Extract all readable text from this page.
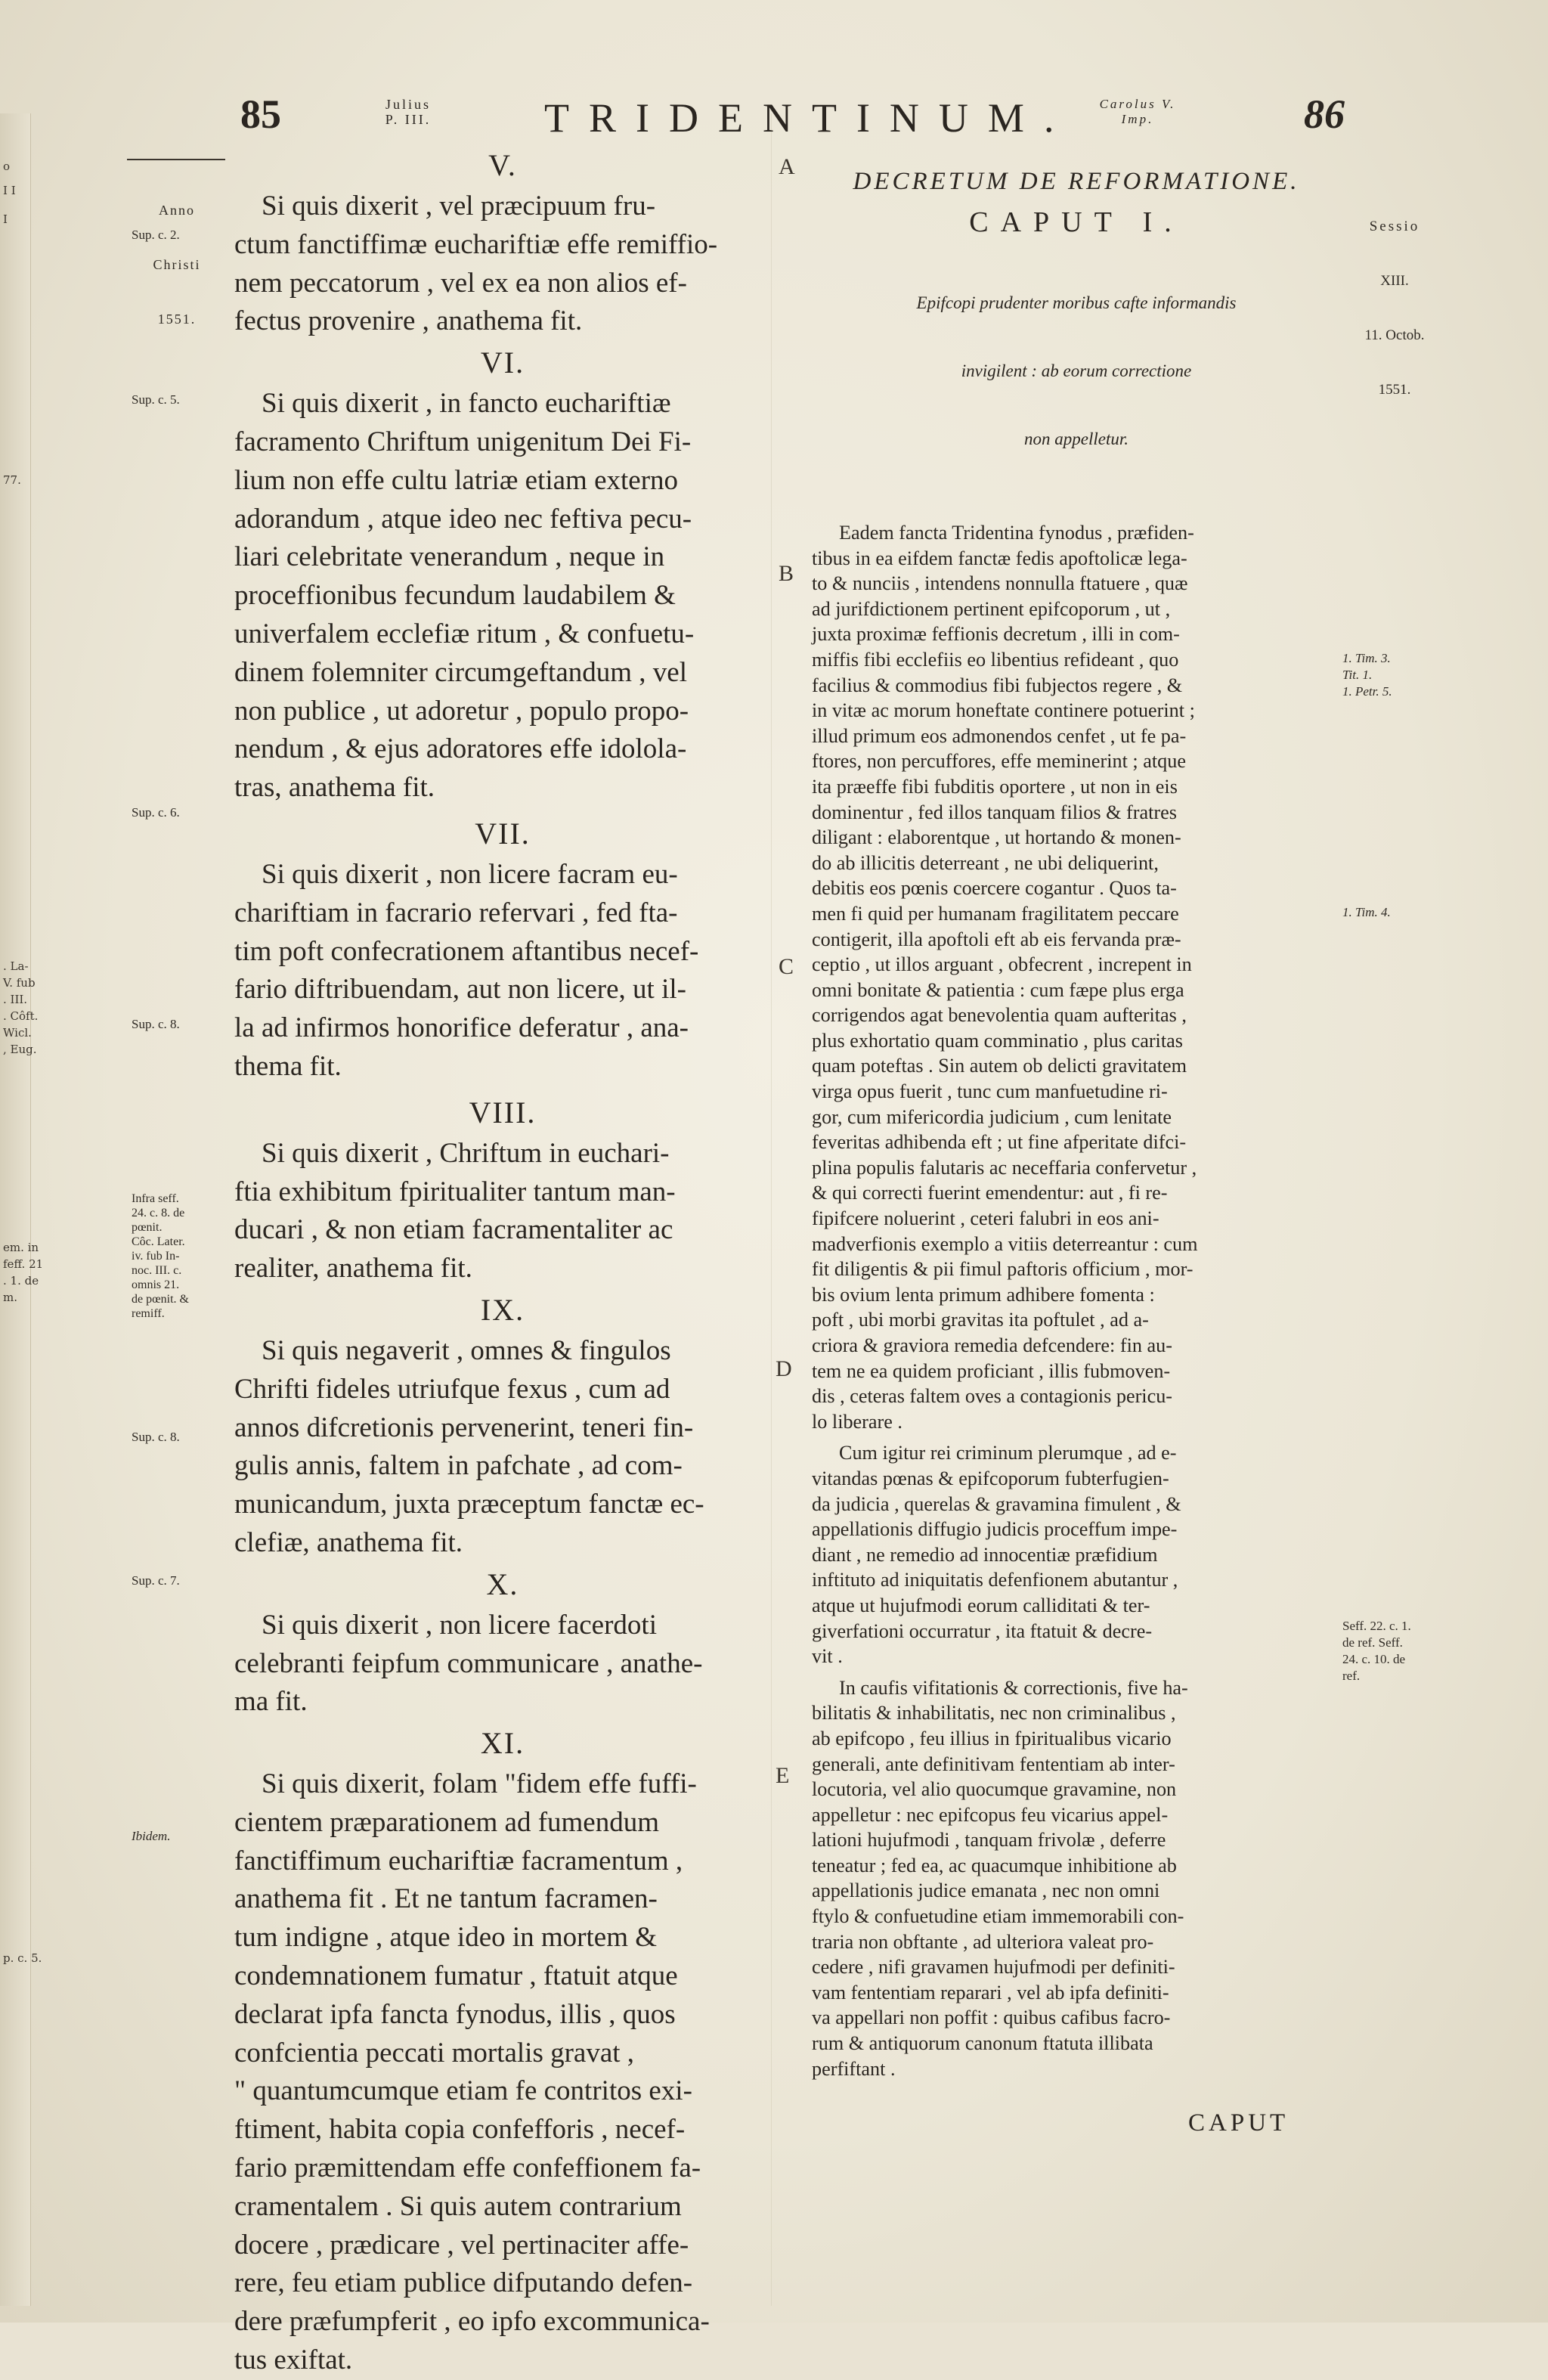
o
I I
I
77.
. La-
V. fub
. III.
. Côft.
Wicl.
, Eug.
em. in
feff. 21
. 1. de
m.
p. c. 5.
85	Julius
P. III.	TRIDENTINUM.	Carolus V.
Imp.	86

Anno

Christi

1551.

Sup. c. 2.
Sup. c. 5.
Sup. c. 6.
Sup. c. 8.
Infra seff.
24. c. 8. de
pœnit.
Côc. Later.
iv. fub In-
noc. III. c.
omnis 21.
de pœnit. &
remiff.
Sup. c. 8.
Sup. c. 7.
Ibidem.
A
B
C
D
E
V.
Si quis dixerit , vel præcipuum fru-
ctum fanctiffimæ euchariftiæ effe remiffio-
nem peccatorum , vel ex ea non alios ef-
fectus provenire , anathema fit.
VI.
Si quis dixerit , in fancto euchariftiæ
facramento Chriftum unigenitum Dei Fi-
lium non effe cultu latriæ etiam externo
adorandum , atque ideo nec feftiva pecu-
liari celebritate venerandum , neque in
proceffionibus fecundum laudabilem &
univerfalem ecclefiæ ritum , & confuetu-
dinem folemniter circumgeftandum , vel
non publice , ut adoretur , populo propo-
nendum , & ejus adoratores effe idolola-
tras, anathema fit.
VII.
Si quis dixerit , non licere facram eu-
chariftiam in facrario refervari , fed fta-
tim poft confecrationem aftantibus necef-
fario diftribuendam, aut non licere, ut il-
la ad infirmos honorifice deferatur , ana-
thema fit.
VIII.
Si quis dixerit , Chriftum in euchari-
ftia exhibitum fpiritualiter tantum man-
ducari , & non etiam facramentaliter ac
realiter, anathema fit.
IX.
Si quis negaverit , omnes & fingulos
Chrifti fideles utriufque fexus , cum ad
annos difcretionis pervenerint, teneri fin-
gulis annis, faltem in pafchate , ad com-
municandum, juxta præceptum fanctæ ec-
clefiæ, anathema fit.
X.
Si quis dixerit , non licere facerdoti
celebranti feipfum communicare , anathe-
ma fit.
XI.
Si quis dixerit, folam "fidem effe fuffi-
cientem præparationem ad fumendum
fanctiffimum euchariftiæ facramentum ,
anathema fit . Et ne tantum facramen-
tum indigne , atque ideo in mortem &
condemnationem fumatur , ftatuit atque
declarat ipfa fancta fynodus, illis , quos
confcientia peccati mortalis gravat ,
" quantumcumque etiam fe contritos exi-
ftiment, habita copia confefforis , necef-
fario præmittendam effe confeffionem fa-
cramentalem . Si quis autem contrarium
docere , prædicare , vel pertinaciter affe-
rere, feu etiam publice difputando defen-
dere præfumpferit , eo ipfo excommunica-
tus exiftat.

DECRETUM DE REFORMATIONE.

CAPUT I.

Epifcopi prudenter moribus cafte informandis

invigilent : ab eorum correctione

non appelletur.

Eadem fancta Tridentina fynodus , præfiden-
tibus in ea eifdem fanctæ fedis apoftolicæ lega-
to & nunciis , intendens nonnulla ftatuere , quæ
ad jurifdictionem pertinent epifcoporum , ut ,
juxta proximæ feffionis decretum , illi in com-
miffis fibi ecclefiis eo libentius refideant , quo
facilius & commodius fibi fubjectos regere , &
in vitæ ac morum honeftate continere potuerint ;
illud primum eos admonendos cenfet , ut fe pa-
ftores, non percuffores, effe meminerint ; atque
ita præeffe fibi fubditis oportere , ut non in eis
dominentur , fed illos tanquam filios & fratres
diligant : elaborentque , ut hortando & monen-
do ab illicitis deterreant , ne ubi deliquerint,
debitis eos pœnis coercere cogantur . Quos ta-
men fi quid per humanam fragilitatem peccare
contigerit, illa apoftoli eft ab eis fervanda præ-
ceptio , ut illos arguant , obfecrent , increpent in
omni bonitate & patientia : cum fæpe plus erga
corrigendos agat benevolentia quam aufteritas ,
plus exhortatio quam comminatio , plus caritas
quam poteftas . Sin autem ob delicti gravitatem
virga opus fuerit , tunc cum manfuetudine ri-
gor, cum mifericordia judicium , cum lenitate
feveritas adhibenda eft ; ut fine afperitate difci-
plina populis falutaris ac neceffaria confervetur ,
& qui correcti fuerint emendentur: aut , fi re-
fipifcere noluerint , ceteri falubri in eos ani-
madverfionis exemplo a vitiis deterreantur : cum
fit diligentis & pii fimul paftoris officium , mor-
bis ovium lenta primum adhibere fomenta :
poft , ubi morbi gravitas ita poftulet , ad a-
criora & graviora remedia defcendere: fin au-
tem ne ea quidem proficiant , illis fubmoven-
dis , ceteras faltem oves a contagionis pericu-
lo liberare .
Cum igitur rei criminum plerumque , ad e-
vitandas pœnas & epifcoporum fubterfugien-
da judicia , querelas & gravamina fimulent , &
appellationis diffugio judicis proceffum impe-
diant , ne remedio ad innocentiæ præfidium
inftituto ad iniquitatis defenfionem abutantur ,
atque ut hujufmodi eorum calliditati & ter-
giverfationi occurratur , ita ftatuit & decre-
vit .
In caufis vifitationis & correctionis, five ha-
bilitatis & inhabilitatis, nec non criminalibus ,
ab epifcopo , feu illius in fpiritualibus vicario
generali, ante definitivam fententiam ab inter-
locutoria, vel alio quocumque gravamine, non
appelletur : nec epifcopus feu vicarius appel-
lationi hujufmodi , tanquam frivolæ , deferre
teneatur ; fed ea, ac quacumque inhibitione ab
appellationis judice emanata , nec non omni
ftylo & confuetudine etiam immemorabili con-
traria non obftante , ad ulteriora valeat pro-
cedere , nifi gravamen hujufmodi per definiti-
vam fententiam reparari , vel ab ipfa definiti-
va appellari non poffit : quibus cafibus facro-
rum & antiquorum canonum ftatuta illibata
perfiftant .

Sessio

XIII.

11. Octob.

1551.

1. Tim. 3.
Tit. 1.
1. Petr. 5.
1. Tim. 4.
Seff. 22. c. 1.
de ref. Seff.
24. c. 10. de
ref.
CAPUT
